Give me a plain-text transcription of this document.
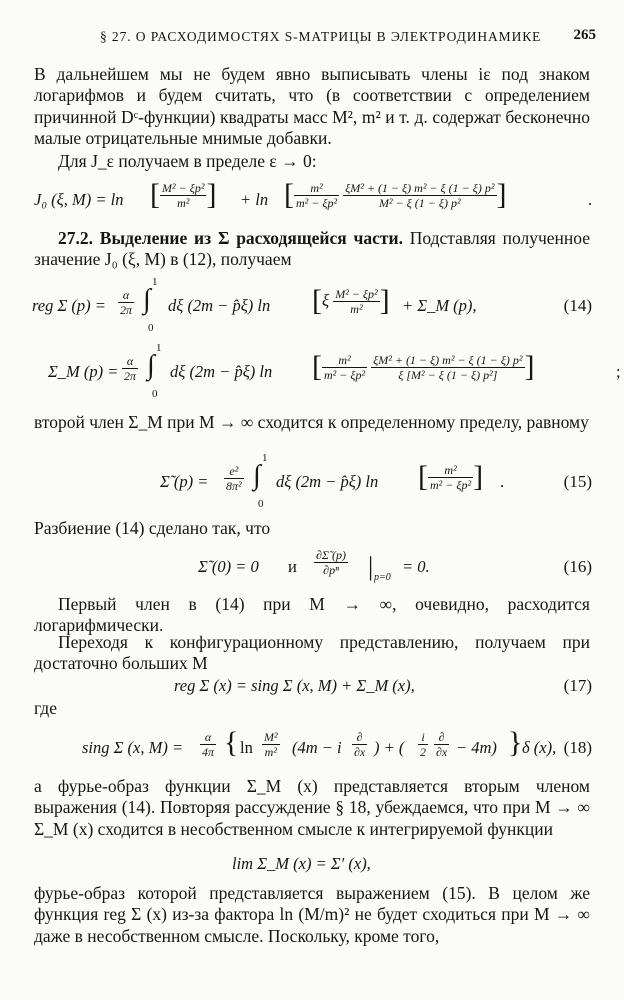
§ 27. О РАСХОДИМОСТЯХ S-МАТРИЦЫ В ЭЛЕКТРОДИНАМИКЕ 265
В дальнейшем мы не будем явно выписывать члены iε под знаком логарифмов и будем считать, что (в соответствии с определением причинной Dᶜ-функции) квадраты масс M², m² и т. д. содержат бесконечно малые отрицательные мнимые добавки.
Для J_ε получаем в пределе ε → 0:
J₀ (ξ, M) = ln [ $\frac{\text{M² − ξp²}}{\text{m²}}$ ] + ln [ $\frac{\text{m²}}{\text{m² − ξp²}} \frac{\text{ξM² + (1 − ξ) m² − ξ (1 − ξ) p²}}{\text{M² − ξ (1 − ξ) p²}}$ ]	.
27.2. Выделение из Σ расходящейся части. Подставляя полученное значение J₀ (ξ, M) в (12), получаем
reg Σ $(p) = \frac{\alpha}{2\pi}$
1
∫
0
dξ (2m − p̂ξ) $\ln [\xi \frac{\text{M² − ξp²}}{\text{m²}}$ ] + Σ_M (p),	(14)
Σ_M $(p) = \frac{\alpha}{2\pi}$
1
∫
0
dξ (2m − p̂ξ) ln [ $\frac{\text{m²}}{\text{m² − ξp²}} \frac{\text{ξM² + (1 − ξ) m² − ξ (1 − ξ) p²}}{\text{ξ [M² − ξ (1 − ξ) p²]}}$ ]	;
второй член Σ_M при M → ∞ сходится к определенному пределу, равному
Σ̃ $(p) = \frac{\text{e²}}{\text{8π²}}$
1
∫
0
dξ (2m − p̂ξ) ln [ $\frac{\text{m²}}{\text{m² − ξp²}}$ ] .	(15)
Разбиение (14) сделано так, что
Σ̃ (0) = 0 и $\frac{\partial\Sigmã (p)}{\text{∂pⁿ}}$ | p=0
= 0.	(16)
Первый член в (14) при M → ∞, очевидно, расходится логарифмически.
Переходя к конфигурационному представлению, получаем при достаточно больших M
reg Σ (x) = sing Σ (x, M) + Σ_M (x),	(17)
где
sing Σ (x, $M) = \frac{\alpha}{4\pi}$ { $\ln \frac{\text{M²}}{\text{m²}} (4m - i \frac{\partial}{\partial x}$ ) + ( $\frac{i}{2} \frac{\partial}{\partial x} - 4m$) } δ (x), (18)
а фурье-образ функции Σ_M (x) представляется вторым членом выражения (14). Повторяя рассуждение § 18, убеждаемся, что при M → ∞ Σ_M (x) сходится в несобственном смысле к интегрируемой функции
lim Σ_M (x) = Σ′ (x),
фурье-образ которой представляется выражением (15). В целом же функция reg Σ (x) из-за фактора ln (M/m)² не будет сходиться при M → ∞ даже в несобственном смысле. Поскольку, кроме того,
